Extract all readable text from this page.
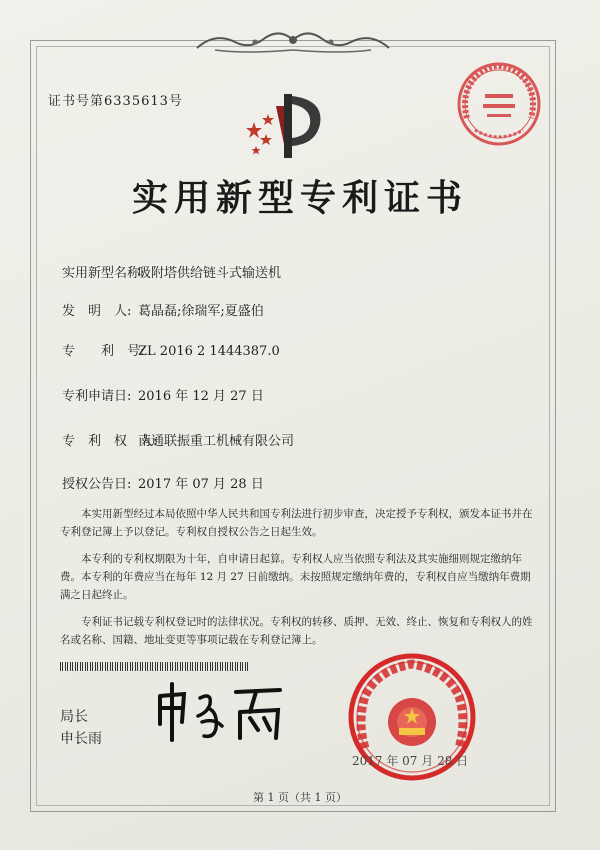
证书号第6335613号
实用新型专利证书
实用新型名称:吸附塔供给链斗式输送机
发　明　人: 葛晶磊;徐瑞军;夏盛伯
专　　利　号:ZL 2016 2 1444387.0
专利申请日: 2016 年 12 月 27 日
专　利　权　人:南通联振重工机械有限公司
授权公告日: 2017 年 07 月 28 日
本实用新型经过本局依照中华人民共和国专利法进行初步审查，决定授予专利权，颁发本证书并在专利登记簿上予以登记。专利权自授权公告之日起生效。
本专利的专利权期限为十年，自申请日起算。专利权人应当依照专利法及其实施细则规定缴纳年费。本专利的年费应当在每年 12 月 27 日前缴纳。未按照规定缴纳年费的，专利权自应当缴纳年费期满之日起终止。
专利证书记载专利权登记时的法律状况。专利权的转移、质押、无效、终止、恢复和专利权人的姓名或名称、国籍、地址变更等事项记载在专利登记簿上。
局长
申长雨
2017 年 07 月 28 日
第 1 页（共 1 页）
